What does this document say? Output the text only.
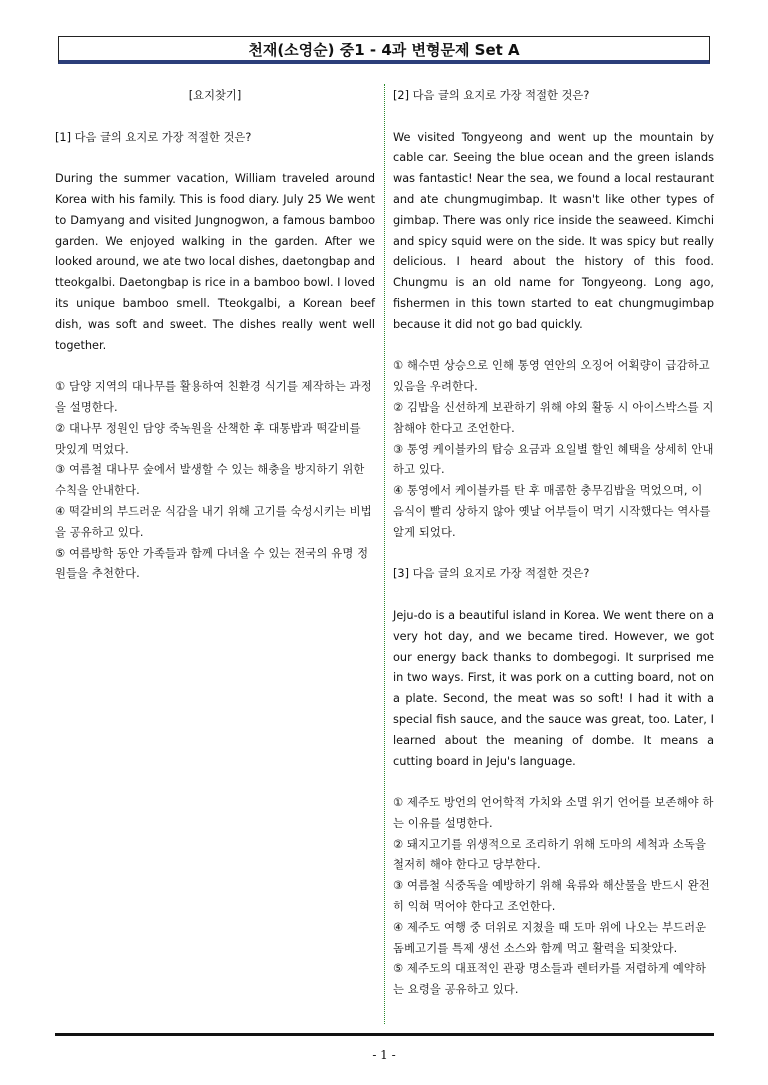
천재(소영순) 중1 - 4과 변형문제 Set A

[요지찾기]

[1] 다음 글의 요지로 가장 적절한 것은?

During the summer vacation, William traveled around Korea with his family. This is food diary. July 25 We went to Damyang and visited Jungnogwon, a famous bamboo garden. We enjoyed walking in the garden. After we looked around, we ate two local dishes, daetongbap and tteokgalbi. Daetongbap is rice in a bamboo bowl. I loved its unique bamboo smell. Tteokgalbi, a Korean beef dish, was soft and sweet. The dishes really went well together.

① 담양 지역의 대나무를 활용하여 친환경 식기를 제작하는 과정을 설명한다.
② 대나무 정원인 담양 죽녹원을 산책한 후 대통밥과 떡갈비를 맛있게 먹었다.
③ 여름철 대나무 숲에서 발생할 수 있는 해충을 방지하기 위한 수칙을 안내한다.
④ 떡갈비의 부드러운 식감을 내기 위해 고기를 숙성시키는 비법을 공유하고 있다.
⑤ 여름방학 동안 가족들과 함께 다녀올 수 있는 전국의 유명 정원들을 추천한다.

[2] 다음 글의 요지로 가장 적절한 것은?

We visited Tongyeong and went up the mountain by cable car. Seeing the blue ocean and the green islands was fantastic! Near the sea, we found a local restaurant and ate chungmugimbap. It wasn't like other types of gimbap. There was only rice inside the seaweed. Kimchi and spicy squid were on the side. It was spicy but really delicious. I heard about the history of this food. Chungmu is an old name for Tongyeong. Long ago, fishermen in this town started to eat chungmugimbap because it did not go bad quickly.

① 해수면 상승으로 인해 통영 연안의 오징어 어획량이 급감하고 있음을 우려한다.
② 김밥을 신선하게 보관하기 위해 야외 활동 시 아이스박스를 지참해야 한다고 조언한다.
③ 통영 케이블카의 탑승 요금과 요일별 할인 혜택을 상세히 안내하고 있다.
④ 통영에서 케이블카를 탄 후 매콤한 충무김밥을 먹었으며, 이 음식이 빨리 상하지 않아 옛날 어부들이 먹기 시작했다는 역사를 알게 되었다.

[3] 다음 글의 요지로 가장 적절한 것은?

Jeju-do is a beautiful island in Korea. We went there on a very hot day, and we became tired. However, we got our energy back thanks to dombegogi. It surprised me in two ways. First, it was pork on a cutting board, not on a plate. Second, the meat was so soft! I had it with a special fish sauce, and the sauce was great, too. Later, I learned about the meaning of dombe. It means a cutting board in Jeju's language.

① 제주도 방언의 언어학적 가치와 소멸 위기 언어를 보존해야 하는 이유를 설명한다.
② 돼지고기를 위생적으로 조리하기 위해 도마의 세척과 소독을 철저히 해야 한다고 당부한다.
③ 여름철 식중독을 예방하기 위해 육류와 해산물을 반드시 완전히 익혀 먹어야 한다고 조언한다.
④ 제주도 여행 중 더위로 지쳤을 때 도마 위에 나오는 부드러운 돔베고기를 특제 생선 소스와 함께 먹고 활력을 되찾았다.
⑤ 제주도의 대표적인 관광 명소들과 렌터카를 저렴하게 예약하는 요령을 공유하고 있다.
- 1 -
